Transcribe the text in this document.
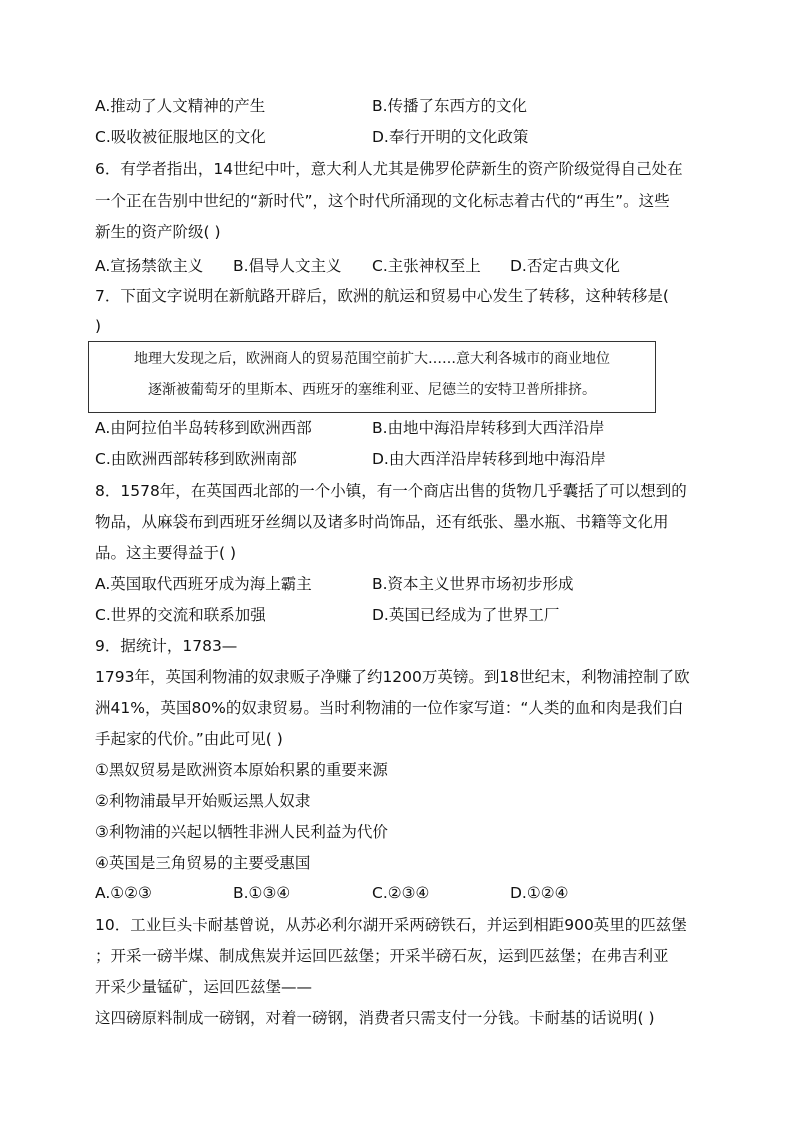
A.推动了人文精神的产生	B.传播了东西方的文化
C.吸收被征服地区的文化	D.奉行开明的文化政策
6．有学者指出，14世纪中叶，意大利人尤其是佛罗伦萨新生的资产阶级觉得自己处在
一个正在告别中世纪的“新时代”，这个时代所涌现的文化标志着古代的“再生”。这些
新生的资产阶级( )
A.宣扬禁欲主义 B.倡导人文主义 C.主张神权至上 D.否定古典文化
7．下面文字说明在新航路开辟后，欧洲的航运和贸易中心发生了转移，这种转移是(
)
地理大发现之后，欧洲商人的贸易范围空前扩大……意大利各城市的商业地位
逐渐被葡萄牙的里斯本、西班牙的塞维利亚、尼德兰的安特卫普所排挤。
A.由阿拉伯半岛转移到欧洲西部	B.由地中海沿岸转移到大西洋沿岸
C.由欧洲西部转移到欧洲南部	D.由大西洋沿岸转移到地中海沿岸
8．1578年，在英国西北部的一个小镇，有一个商店出售的货物几乎囊括了可以想到的
物品，从麻袋布到西班牙丝绸以及诸多时尚饰品，还有纸张、墨水瓶、书籍等文化用
品。这主要得益于( )
A.英国取代西班牙成为海上霸主	B.资本主义世界市场初步形成
C.世界的交流和联系加强	D.英国已经成为了世界工厂
9．据统计，1783—
1793年，英国利物浦的奴隶贩子净赚了约1200万英镑。到18世纪末，利物浦控制了欧
洲41%，英国80%的奴隶贸易。当时利物浦的一位作家写道：“人类的血和肉是我们白
手起家的代价。”由此可见( )
①黑奴贸易是欧洲资本原始积累的重要来源
②利物浦最早开始贩运黑人奴隶
③利物浦的兴起以牺牲非洲人民利益为代价
④英国是三角贸易的主要受惠国
A.①②③	B.①③④	C.②③④	D.①②④
10．工业巨头卡耐基曾说，从苏必利尔湖开采两磅铁石，并运到相距900英里的匹兹堡
；开采一磅半煤、制成焦炭并运回匹兹堡；开采半磅石灰，运到匹兹堡；在弗吉利亚
开采少量锰矿，运回匹兹堡——
这四磅原料制成一磅钢，对着一磅钢，消费者只需支付一分钱。卡耐基的话说明( )
